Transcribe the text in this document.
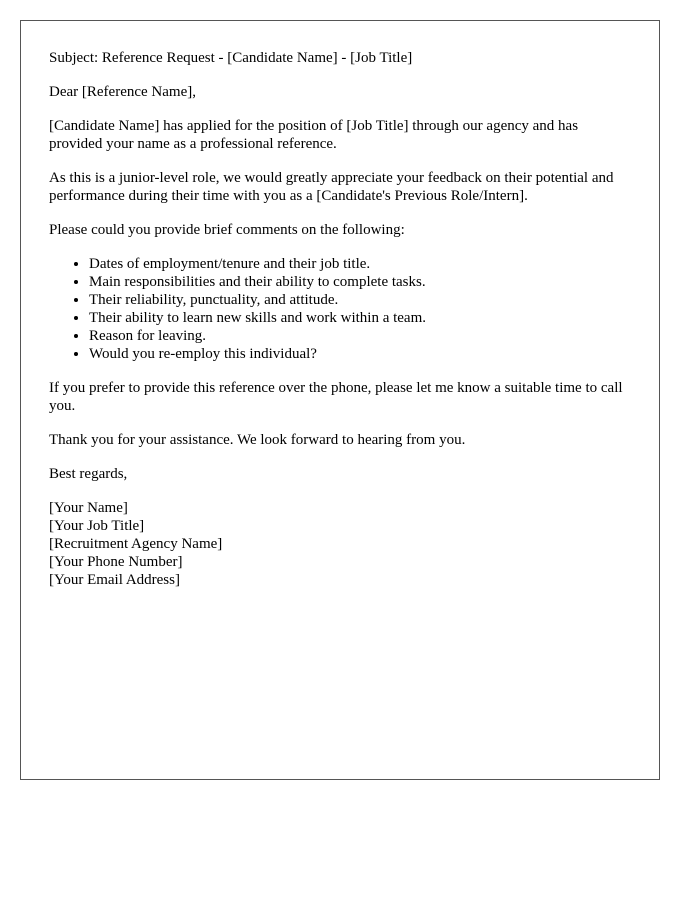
Subject: Reference Request - [Candidate Name] - [Job Title]

Dear [Reference Name],

[Candidate Name] has applied for the position of [Job Title] through our agency and has provided your name as a professional reference.

As this is a junior-level role, we would greatly appreciate your feedback on their potential and performance during their time with you as a [Candidate's Previous Role/Intern].

Please could you provide brief comments on the following:

• Dates of employment/tenure and their job title.
• Main responsibilities and their ability to complete tasks.
• Their reliability, punctuality, and attitude.
• Their ability to learn new skills and work within a team.
• Reason for leaving.
• Would you re-employ this individual?

If you prefer to provide this reference over the phone, please let me know a suitable time to call you.

Thank you for your assistance. We look forward to hearing from you.

Best regards,

[Your Name]
[Your Job Title]
[Recruitment Agency Name]
[Your Phone Number]
[Your Email Address]
